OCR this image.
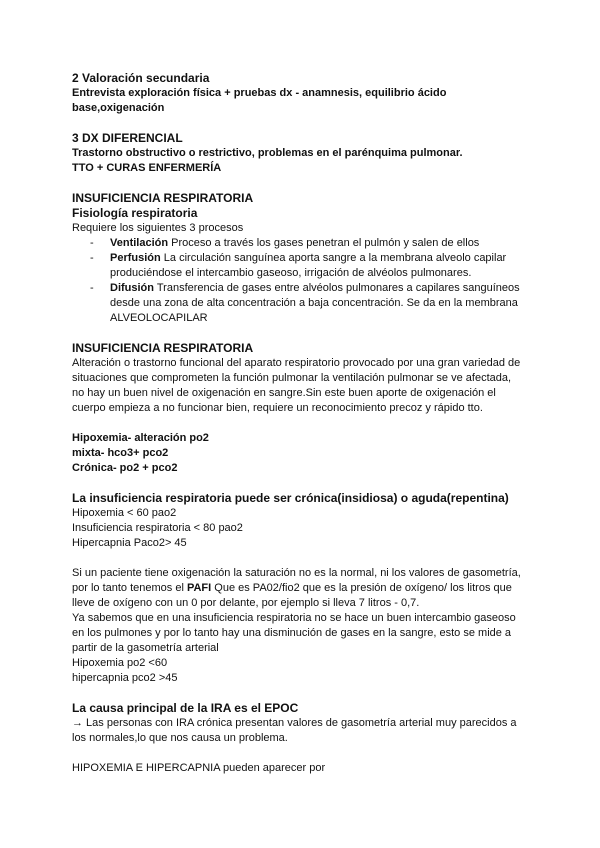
2 Valoración secundaria

Entrevista exploración física + pruebas dx - anamnesis, equilibrio ácido

base,oxigenación

3 DX DIFERENCIAL

Trastorno obstructivo o restrictivo, problemas en el parénquima pulmonar.

TTO + CURAS ENFERMERÍA

INSUFICIENCIA RESPIRATORIA

Fisiología respiratoria

Requiere los siguientes 3 procesos

- Ventilación Proceso a través los gases penetran el pulmón y salen de ellos
- Perfusión La circulación sanguínea aporta sangre a la membrana alveolo capilar
produciéndose el intercambio gaseoso, irrigación de alvéolos pulmonares.
- Difusión Transferencia de gases entre alvéolos pulmonares a capilares sanguíneos
desde una zona de alta concentración a baja concentración. Se da en la membrana ALVEOLOCAPILAR

INSUFICIENCIA RESPIRATORIA

Alteración o trastorno funcional del aparato respiratorio provocado por una gran variedad de

situaciones que comprometen la función pulmonar la ventilación pulmonar se ve afectada,

no hay un buen nivel de oxigenación en sangre.Sin este buen aporte de oxigenación el

cuerpo empieza a no funcionar bien, requiere un reconocimiento precoz y rápido tto.

Hipoxemia- alteración po2

mixta- hco3+ pco2

Crónica- po2 + pco2

La insuficiencia respiratoria puede ser crónica(insidiosa) o aguda(repentina)

Hipoxemia < 60 pao2

Insuficiencia respiratoria < 80 pao2

Hipercapnia Paco2> 45

Si un paciente tiene oxigenación la saturación no es la normal, ni los valores de gasometría,

por lo tanto tenemos el PAFI Que es PA02/fio2 que es la presión de oxígeno/ los litros que

lleve de oxígeno con un 0 por delante, por ejemplo si lleva 7 litros - 0,7.

Ya sabemos que en una insuficiencia respiratoria no se hace un buen intercambio gaseoso

en los pulmones y por lo tanto hay una disminución de gases en la sangre, esto se mide a

partir de la gasometría arterial

Hipoxemia po2 <60

hipercapnia pco2 >45

La causa principal de la IRA es el EPOC

→ Las personas con IRA crónica presentan valores de gasometría arterial muy parecidos a

los normales,lo que nos causa un problema.

HIPOXEMIA E HIPERCAPNIA pueden aparecer por
